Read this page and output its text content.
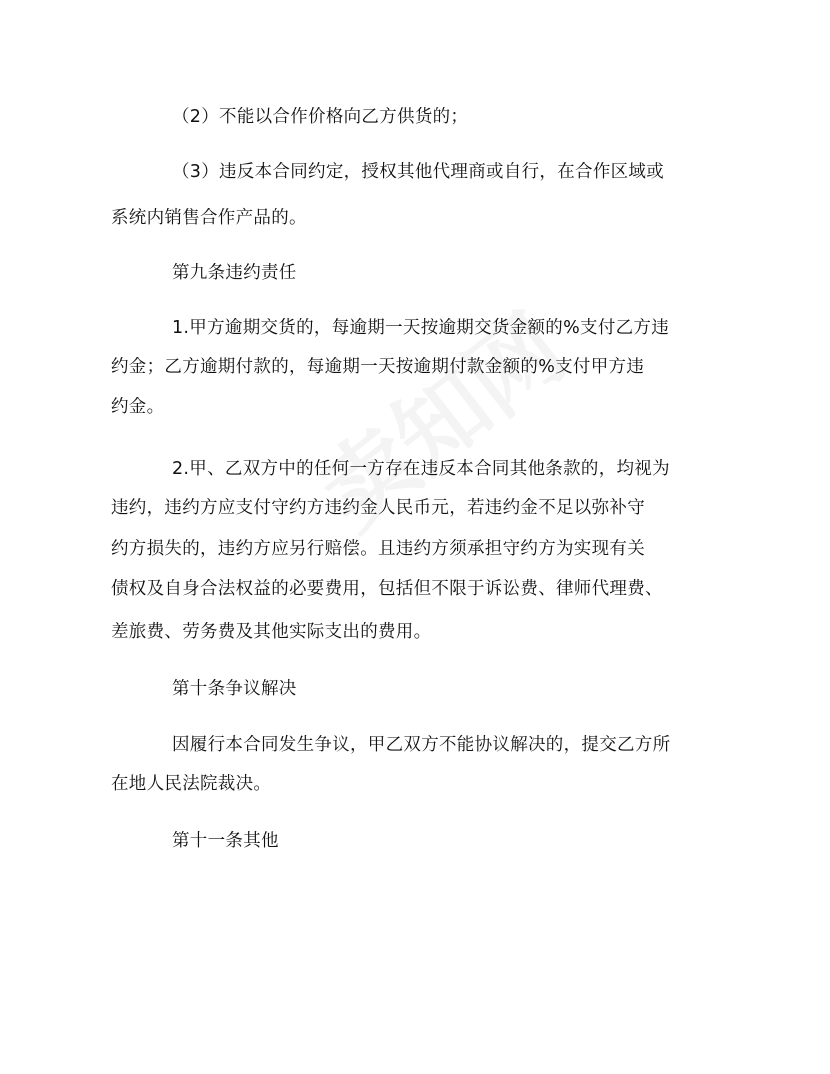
（2）不能以合作价格向乙方供货的；
（3）违反本合同约定，授权其他代理商或自行，在合作区域或
系统内销售合作产品的。
第九条违约责任
1.甲方逾期交货的，每逾期一天按逾期交货金额的%支付乙方违
约金；乙方逾期付款的，每逾期一天按逾期付款金额的%支付甲方违
约金。
2.甲、乙双方中的任何一方存在违反本合同其他条款的，均视为
违约，违约方应支付守约方违约金人民币元，若违约金不足以弥补守
约方损失的，违约方应另行赔偿。且违约方须承担守约方为实现有关
债权及自身合法权益的必要费用，包括但不限于诉讼费、律师代理费、
差旅费、劳务费及其他实际支出的费用。
第十条争议解决
因履行本合同发生争议，甲乙双方不能协议解决的，提交乙方所
在地人民法院裁决。
第十一条其他
